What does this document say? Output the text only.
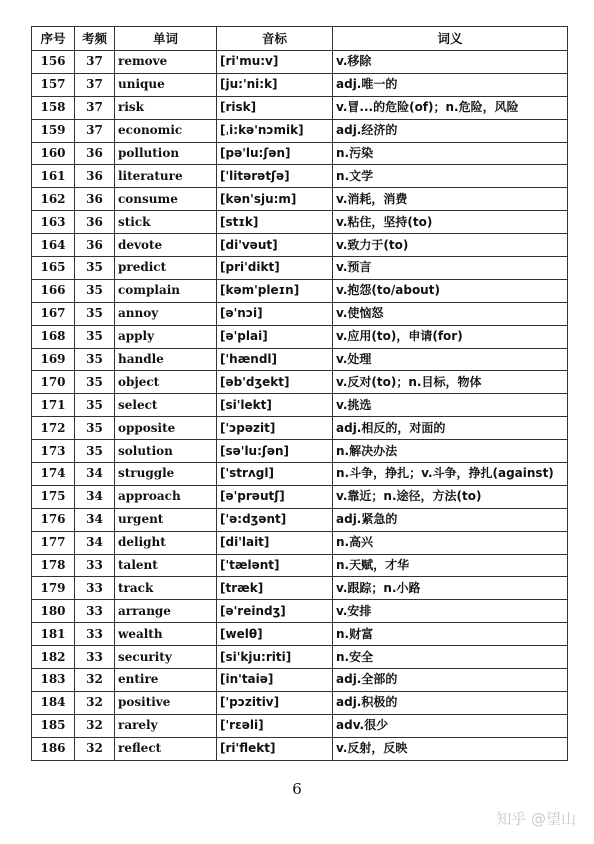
序号	考频	单词	音标	词义
156	37	remove	[ri'mu:v]	v.移除
157	37	unique	[ju:'ni:k]	adj.唯一的
158	37	risk	[risk]	v.冒...的危险(of)；n.危险，风险
159	37	economic	[ˌi:kə'nɔmik]	adj.经济的
160	36	pollution	[pə'lu:ʃən]	n.污染
161	36	literature	['litərətʃə]	n.文学
162	36	consume	[kən'sju:m]	v.消耗，消费
163	36	stick	[stɪk]	v.粘住，坚持(to)
164	36	devote	[di'vəut]	v.致力于(to)
165	35	predict	[pri'dikt]	v.预言
166	35	complain	[kəm'pleɪn]	v.抱怨(to/about)
167	35	annoy	[ə'nɔi]	v.使恼怒
168	35	apply	[ə'plai]	v.应用(to)，申请(for)
169	35	handle	['hændl]	v.处理
170	35	object	[əb'dʒekt]	v.反对(to)；n.目标，物体
171	35	select	[si'lekt]	v.挑选
172	35	opposite	['ɔpəzit]	adj.相反的，对面的
173	35	solution	[sə'lu:ʃən]	n.解决办法
174	34	struggle	['strʌgl]	n.斗争，挣扎；v.斗争，挣扎(against)
175	34	approach	[ə'prəutʃ]	v.靠近；n.途径，方法(to)
176	34	urgent	['ə:dʒənt]	adj.紧急的
177	34	delight	[di'lait]	n.高兴
178	33	talent	['tælənt]	n.天赋，才华
179	33	track	[træk]	v.跟踪；n.小路
180	33	arrange	[ə'reindʒ]	v.安排
181	33	wealth	[welθ]	n.财富
182	33	security	[si'kju:riti]	n.安全
183	32	entire	[in'taiə]	adj.全部的
184	32	positive	['pɔzitiv]	adj.积极的
185	32	rarely	['rɛəli]	adv.很少
186	32	reflect	[ri'flekt]	v.反射，反映
6
知乎 @望山
